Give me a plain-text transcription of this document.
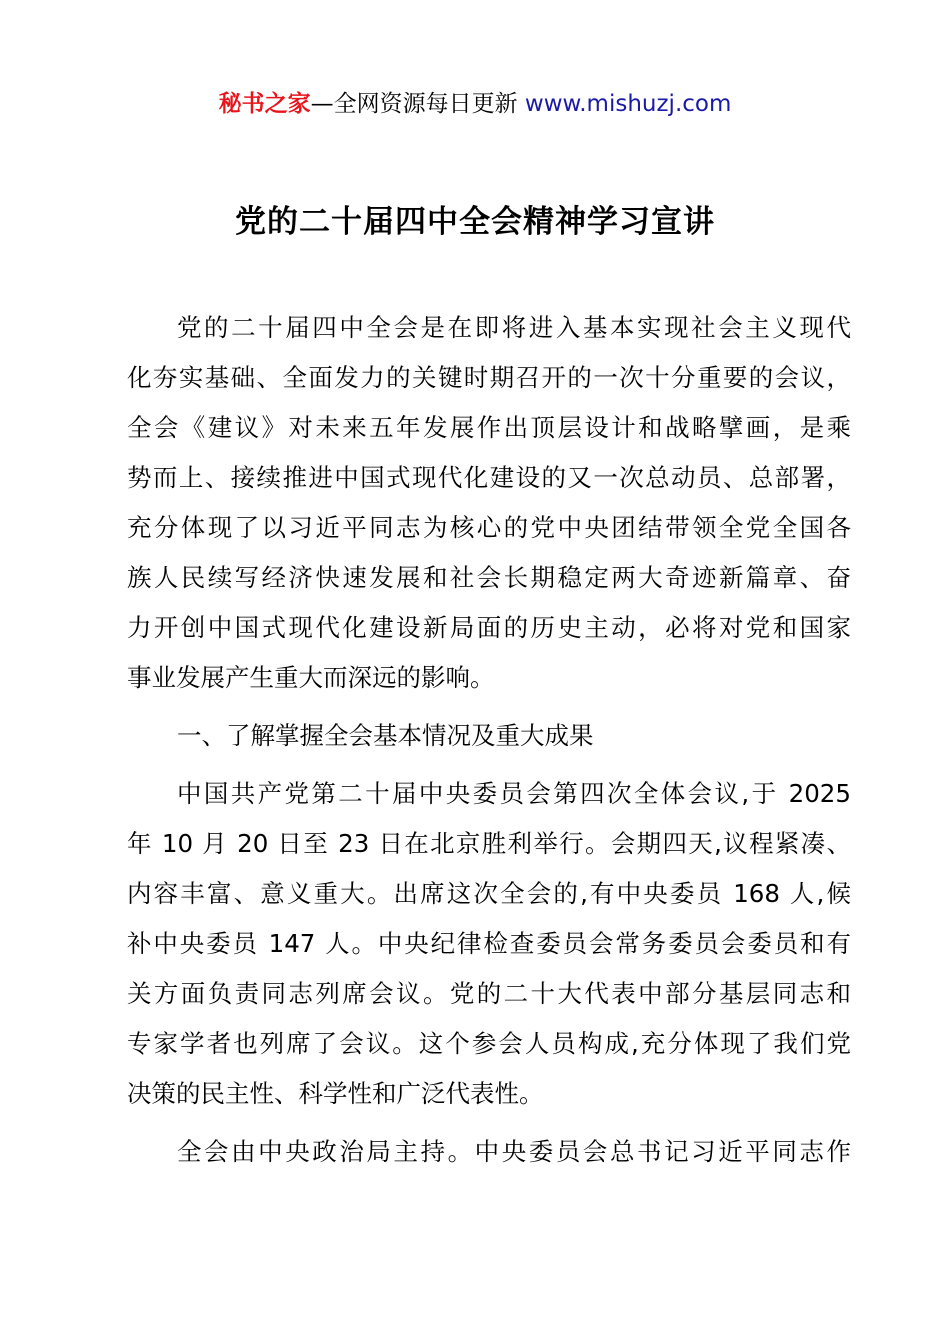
秘书之家—全网资源每日更新 www.mishuzj.com
党的二十届四中全会精神学习宣讲
党的二十届四中全会是在即将进入基本实现社会主义现代
化夯实基础、全面发力的关键时期召开的一次十分重要的会议，
全会《建议》对未来五年发展作出顶层设计和战略擘画，是乘
势而上、接续推进中国式现代化建设的又一次总动员、总部署，
充分体现了以习近平同志为核心的党中央团结带领全党全国各
族人民续写经济快速发展和社会长期稳定两大奇迹新篇章、奋
力开创中国式现代化建设新局面的历史主动，必将对党和国家
事业发展产生重大而深远的影响。
一、了解掌握全会基本情况及重大成果
中国共产党第二十届中央委员会第四次全体会议,于 2025
年 10 月 20 日至 23 日在北京胜利举行。会期四天,议程紧凑、
内容丰富、意义重大。出席这次全会的,有中央委员 168 人,候
补中央委员 147 人。中央纪律检查委员会常务委员会委员和有
关方面负责同志列席会议。党的二十大代表中部分基层同志和
专家学者也列席了会议。这个参会人员构成,充分体现了我们党
决策的民主性、科学性和广泛代表性。
全会由中央政治局主持。中央委员会总书记习近平同志作
